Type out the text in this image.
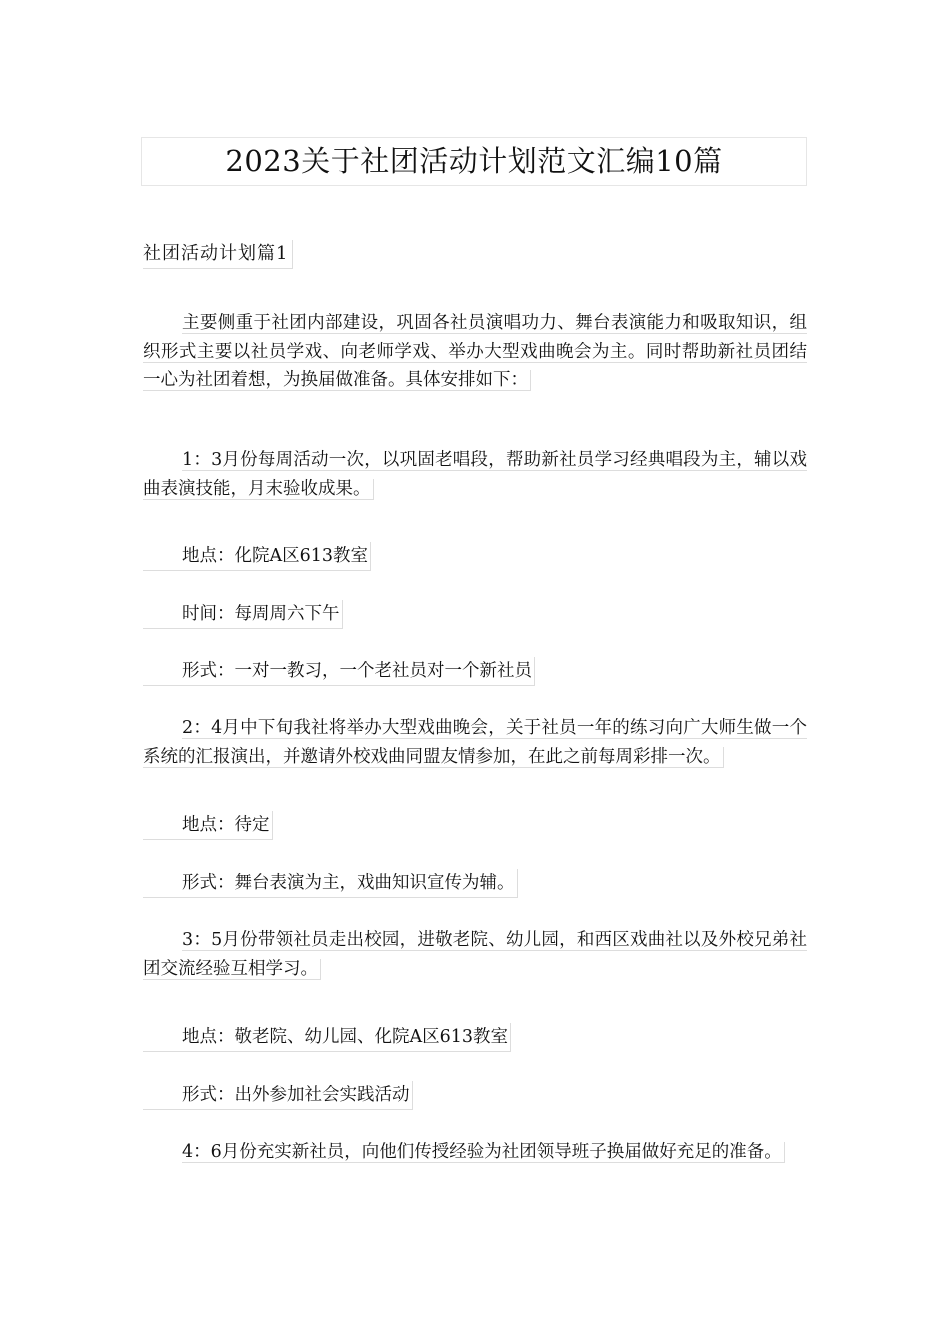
2023关于社团活动计划范文汇编10篇
社团活动计划篇1
主要侧重于社团内部建设，巩固各社员演唱功力、舞台表演能力和吸取知识，组织形式主要以社员学戏、向老师学戏、举办大型戏曲晚会为主。同时帮助新社员团结一心为社团着想，为换届做准备。具体安排如下：
1：3月份每周活动一次，以巩固老唱段，帮助新社员学习经典唱段为主，辅以戏曲表演技能，月末验收成果。
地点：化院A区613教室
时间：每周周六下午
形式：一对一教习，一个老社员对一个新社员
2：4月中下旬我社将举办大型戏曲晚会，关于社员一年的练习向广大师生做一个系统的汇报演出，并邀请外校戏曲同盟友情参加，在此之前每周彩排一次。
地点：待定
形式：舞台表演为主，戏曲知识宣传为辅。
3：5月份带领社员走出校园，进敬老院、幼儿园，和西区戏曲社以及外校兄弟社团交流经验互相学习。
地点：敬老院、幼儿园、化院A区613教室
形式：出外参加社会实践活动
4：6月份充实新社员，向他们传授经验为社团领导班子换届做好充足的准备。
